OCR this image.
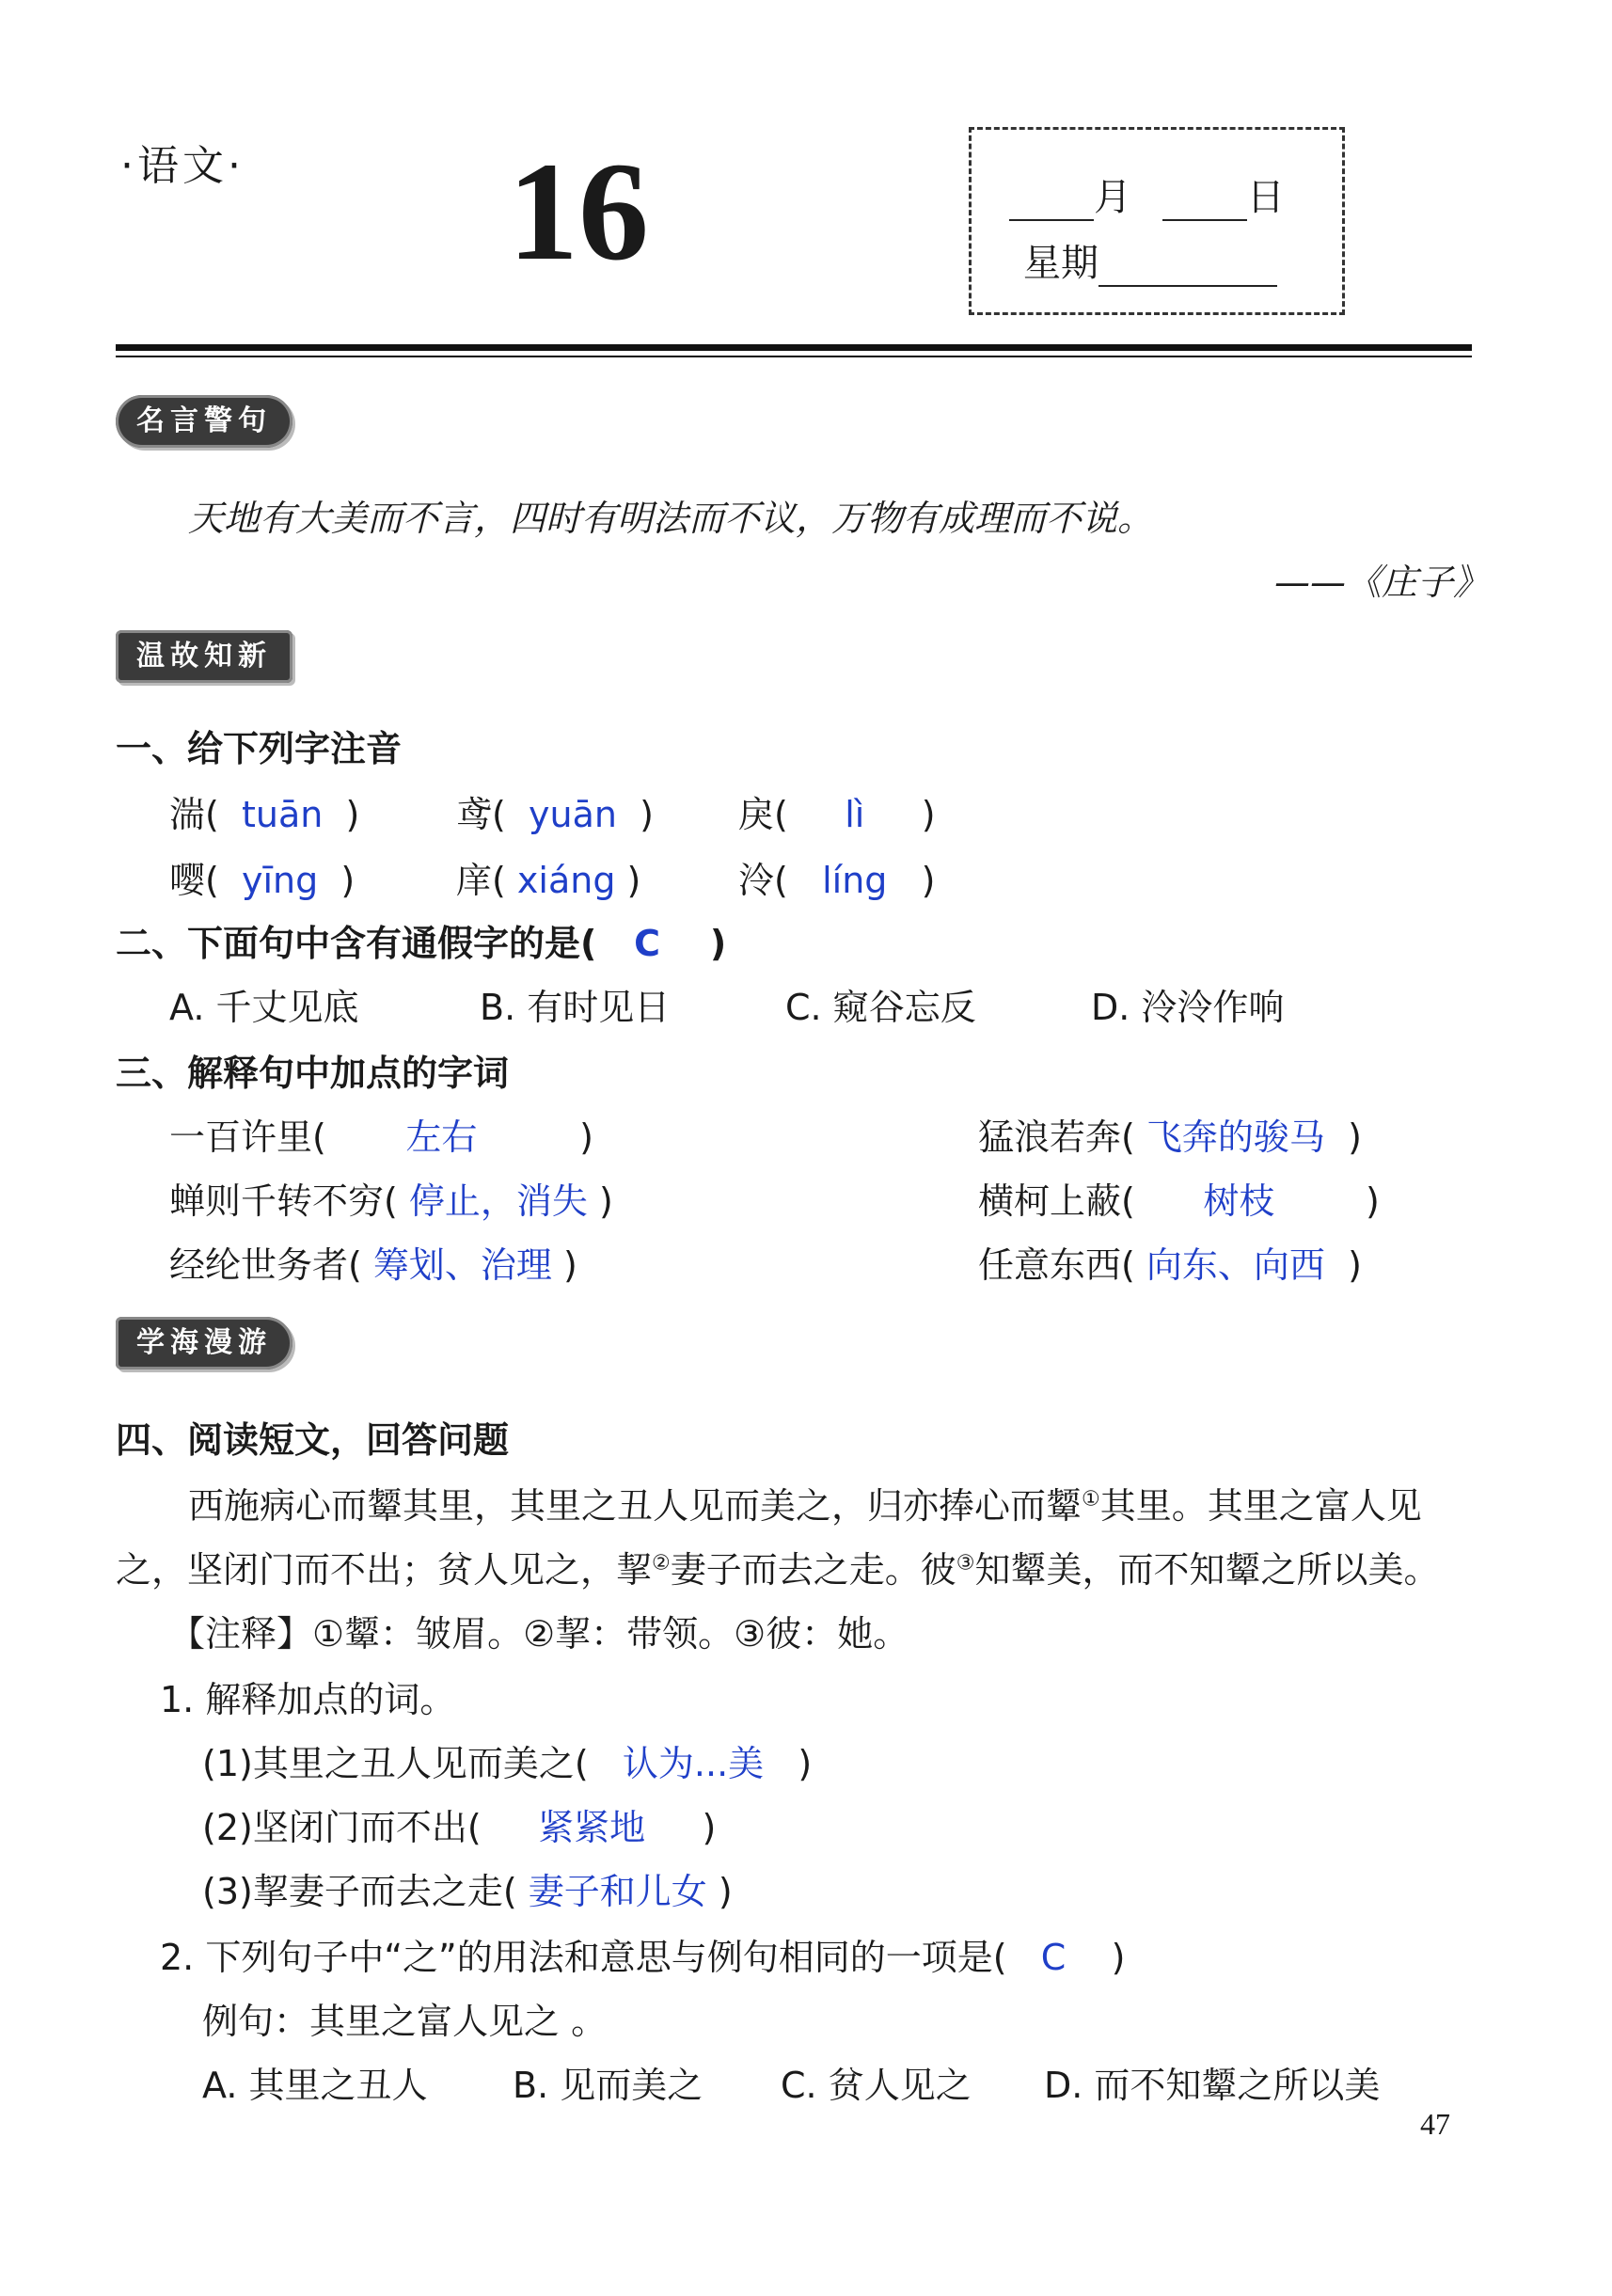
·语文· 16	月	日
星期
名言警句
天地有大美而不言，四时有明法而不议，万物有成理而不说。
——《庄子》
温故知新
一、给下列字注音
湍(  tuān  )	鸢(  yuān  ) 戾(     lì     )
嘤(  yīng  )	庠( xiáng )	泠(   líng   )
二、下面句中含有通假字的是( C )
A. 千丈见底	B. 有时见日	C. 窥谷忘反	D. 泠泠作响
三、解释句中加点的字词
一百许里( 左右	)	猛浪若奔( 飞奔的骏马 )
蝉则千转不穷( 停止，消失 )	横柯上蔽( 树枝	)
经纶世务者( 筹划、治理 )	任意东西( 向东、向西 )
学海漫游
四、阅读短文，回答问题
西施病心而颦其里，其里之丑人见而美之，归亦捧心而颦①其里。其里之富人见
之，坚闭门而不出；贫人见之，挈②妻子而去之走。彼③知颦美，而不知颦之所以美。
【注释】①颦：皱眉。②挈：带领。③彼：她。
1. 解释加点的词。
(1)其里之丑人见而美之( 认为...美 )
(2)坚闭门而不出( 紧紧地 )
(3)挈妻子而去之走( 妻子和儿女 )
2. 下列句子中“之”的用法和意思与例句相同的一项是( C )
例句：其里之富人见之 。
A. 其里之丑人 B. 见而美之 C. 贫人见之 D. 而不知颦之所以美
47
